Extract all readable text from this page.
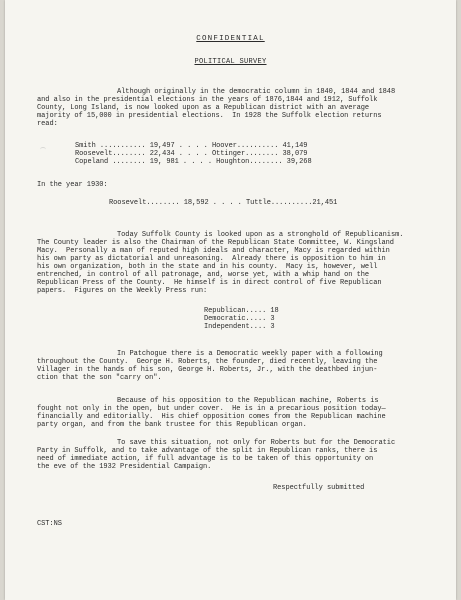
CONFIDENTIAL
POLITICAL SURVEY
Although originally in the democratic column in 1840, 1844 and 1848
and also in the presidential elections in the years of 1876,1844 and 1912, Suffolk
County, Long Island, is now looked upon as a Republican district with an average
majority of 15,000 in presidential elections.  In 1928 the Suffolk election returns
read:
Smith ........... 19,497 . . . . Hoover.......... 41,149
Roosevelt........ 22,434 . . . . Ottinger........ 38,079
Copeland ........ 19, 981 . . . . Houghton........ 39,268
In the year 1930:
Roosevelt........ 18,592 . . . . Tuttle..........21,451
Today Suffolk County is looked upon as a stronghold of Republicanism.
The County leader is also the Chairman of the Republican State Committee, W. Kingsland
Macy.  Personally a man of reputed high ideals and character, Macy is regarded within
his own party as dictatorial and unreasoning.  Already there is opposition to him in
his own organization, both in the state and in his county.  Macy is, however, well
entrenched, in control of all patronage, and, worse yet, with a whip hand on the
Republican Press of the County.  He himself is in direct control of five Republican
papers.  Figures on the Weekly Press run:
Republican..... 18
Democratic..... 3
Independent.... 3
In Patchogue there is a Democratic weekly paper with a following
throughout the County.  George H. Roberts, the founder, died recently, leaving the
Villager in the hands of his son, George H. Roberts, Jr., with the deathbed injun-
ction that the son "carry on".
Because of his opposition to the Republican machine, Roberts is
fought not only in the open, but under cover.  He is in a precarious position today—
financially and editorially.  His chief opposition comes from the Republican machine
party organ, and from the bank trustee for this Republican organ.
To save this situation, not only for Roberts but for the Democratic
Party in Suffolk, and to take advantage of the split in Republican ranks, there is
need of immediate action, if full advantage is to be taken of this opportunity on
the eve of the 1932 Presidential Campaign.
Respectfully submitted
CST:NS
